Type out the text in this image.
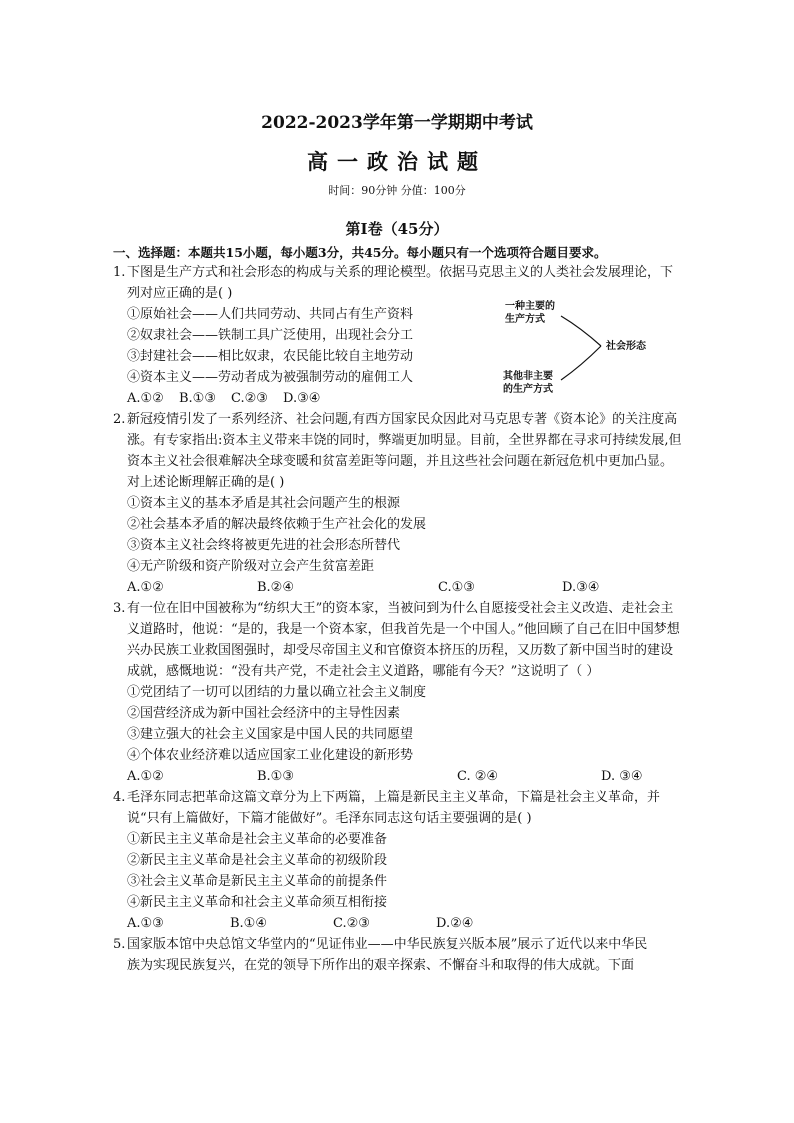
2022-2023学年第一学期期中考试
高一政治试题
时间：90分钟 分值：100分
第Ⅰ卷（45分）
一、选择题：本题共15小题，每小题3分，共45分。每小题只有一个选项符合题目要求。
1. 下图是生产方式和社会形态的构成与关系的理论模型。依据马克思主义的人类社会发展理论，下列对应正确的是( )
①原始社会——人们共同劳动、共同占有生产资料
②奴隶社会——铁制工具广泛使用，出现社会分工
③封建社会——相比奴隶，农民能比较自主地劳动
④资本主义——劳动者成为被强制劳动的雇佣工人
A.①②	B.①③	C.②③	D.③④
一种主要的
生产方式
其他非主要
的生产方式
社会形态
2. 新冠疫情引发了一系列经济、社会问题,有西方国家民众因此对马克思专著《资本论》的关注度高涨。有专家指出:资本主义带来丰饶的同时，弊端更加明显。目前，全世界都在寻求可持续发展,但资本主义社会很难解决全球变暖和贫富差距等问题，并且这些社会问题在新冠危机中更加凸显。对上述论断理解正确的是( )
①资本主义的基本矛盾是其社会问题产生的根源
②社会基本矛盾的解决最终依赖于生产社会化的发展
③资本主义社会终将被更先进的社会形态所替代
④无产阶级和资产阶级对立会产生贫富差距
A.①②	B.②④	C.①③	D.③④
3. 有一位在旧中国被称为“纺织大王”的资本家，当被问到为什么自愿接受社会主义改造、走社会主义道路时，他说：“是的，我是一个资本家，但我首先是一个中国人。”他回顾了自己在旧中国梦想兴办民族工业救国图强时，却受尽帝国主义和官僚资本挤压的历程，又历数了新中国当时的建设成就，感慨地说：“没有共产党，不走社会主义道路，哪能有今天？”这说明了（ ）
①党团结了一切可以团结的力量以确立社会主义制度
②国营经济成为新中国社会经济中的主导性因素
③建立强大的社会主义国家是中国人民的共同愿望
④个体农业经济难以适应国家工业化建设的新形势
A.①②	B.①③	C. ②④	D. ③④
4. 毛泽东同志把革命这篇文章分为上下两篇，上篇是新民主主义革命，下篇是社会主义革命，并说“只有上篇做好，下篇才能做好”。毛泽东同志这句话主要强调的是( )
①新民主主义革命是社会主义革命的必要准备
②新民主主义革命是社会主义革命的初级阶段
③社会主义革命是新民主主义革命的前提条件
④新民主主义革命和社会主义革命须互相衔接
A.①③	B.①④	C.②③	D.②④
5. 国家版本馆中央总馆文华堂内的“见证伟业——中华民族复兴版本展”展示了近代以来中华民
族为实现民族复兴，在党的领导下所作出的艰辛探索、不懈奋斗和取得的伟大成就。下面
